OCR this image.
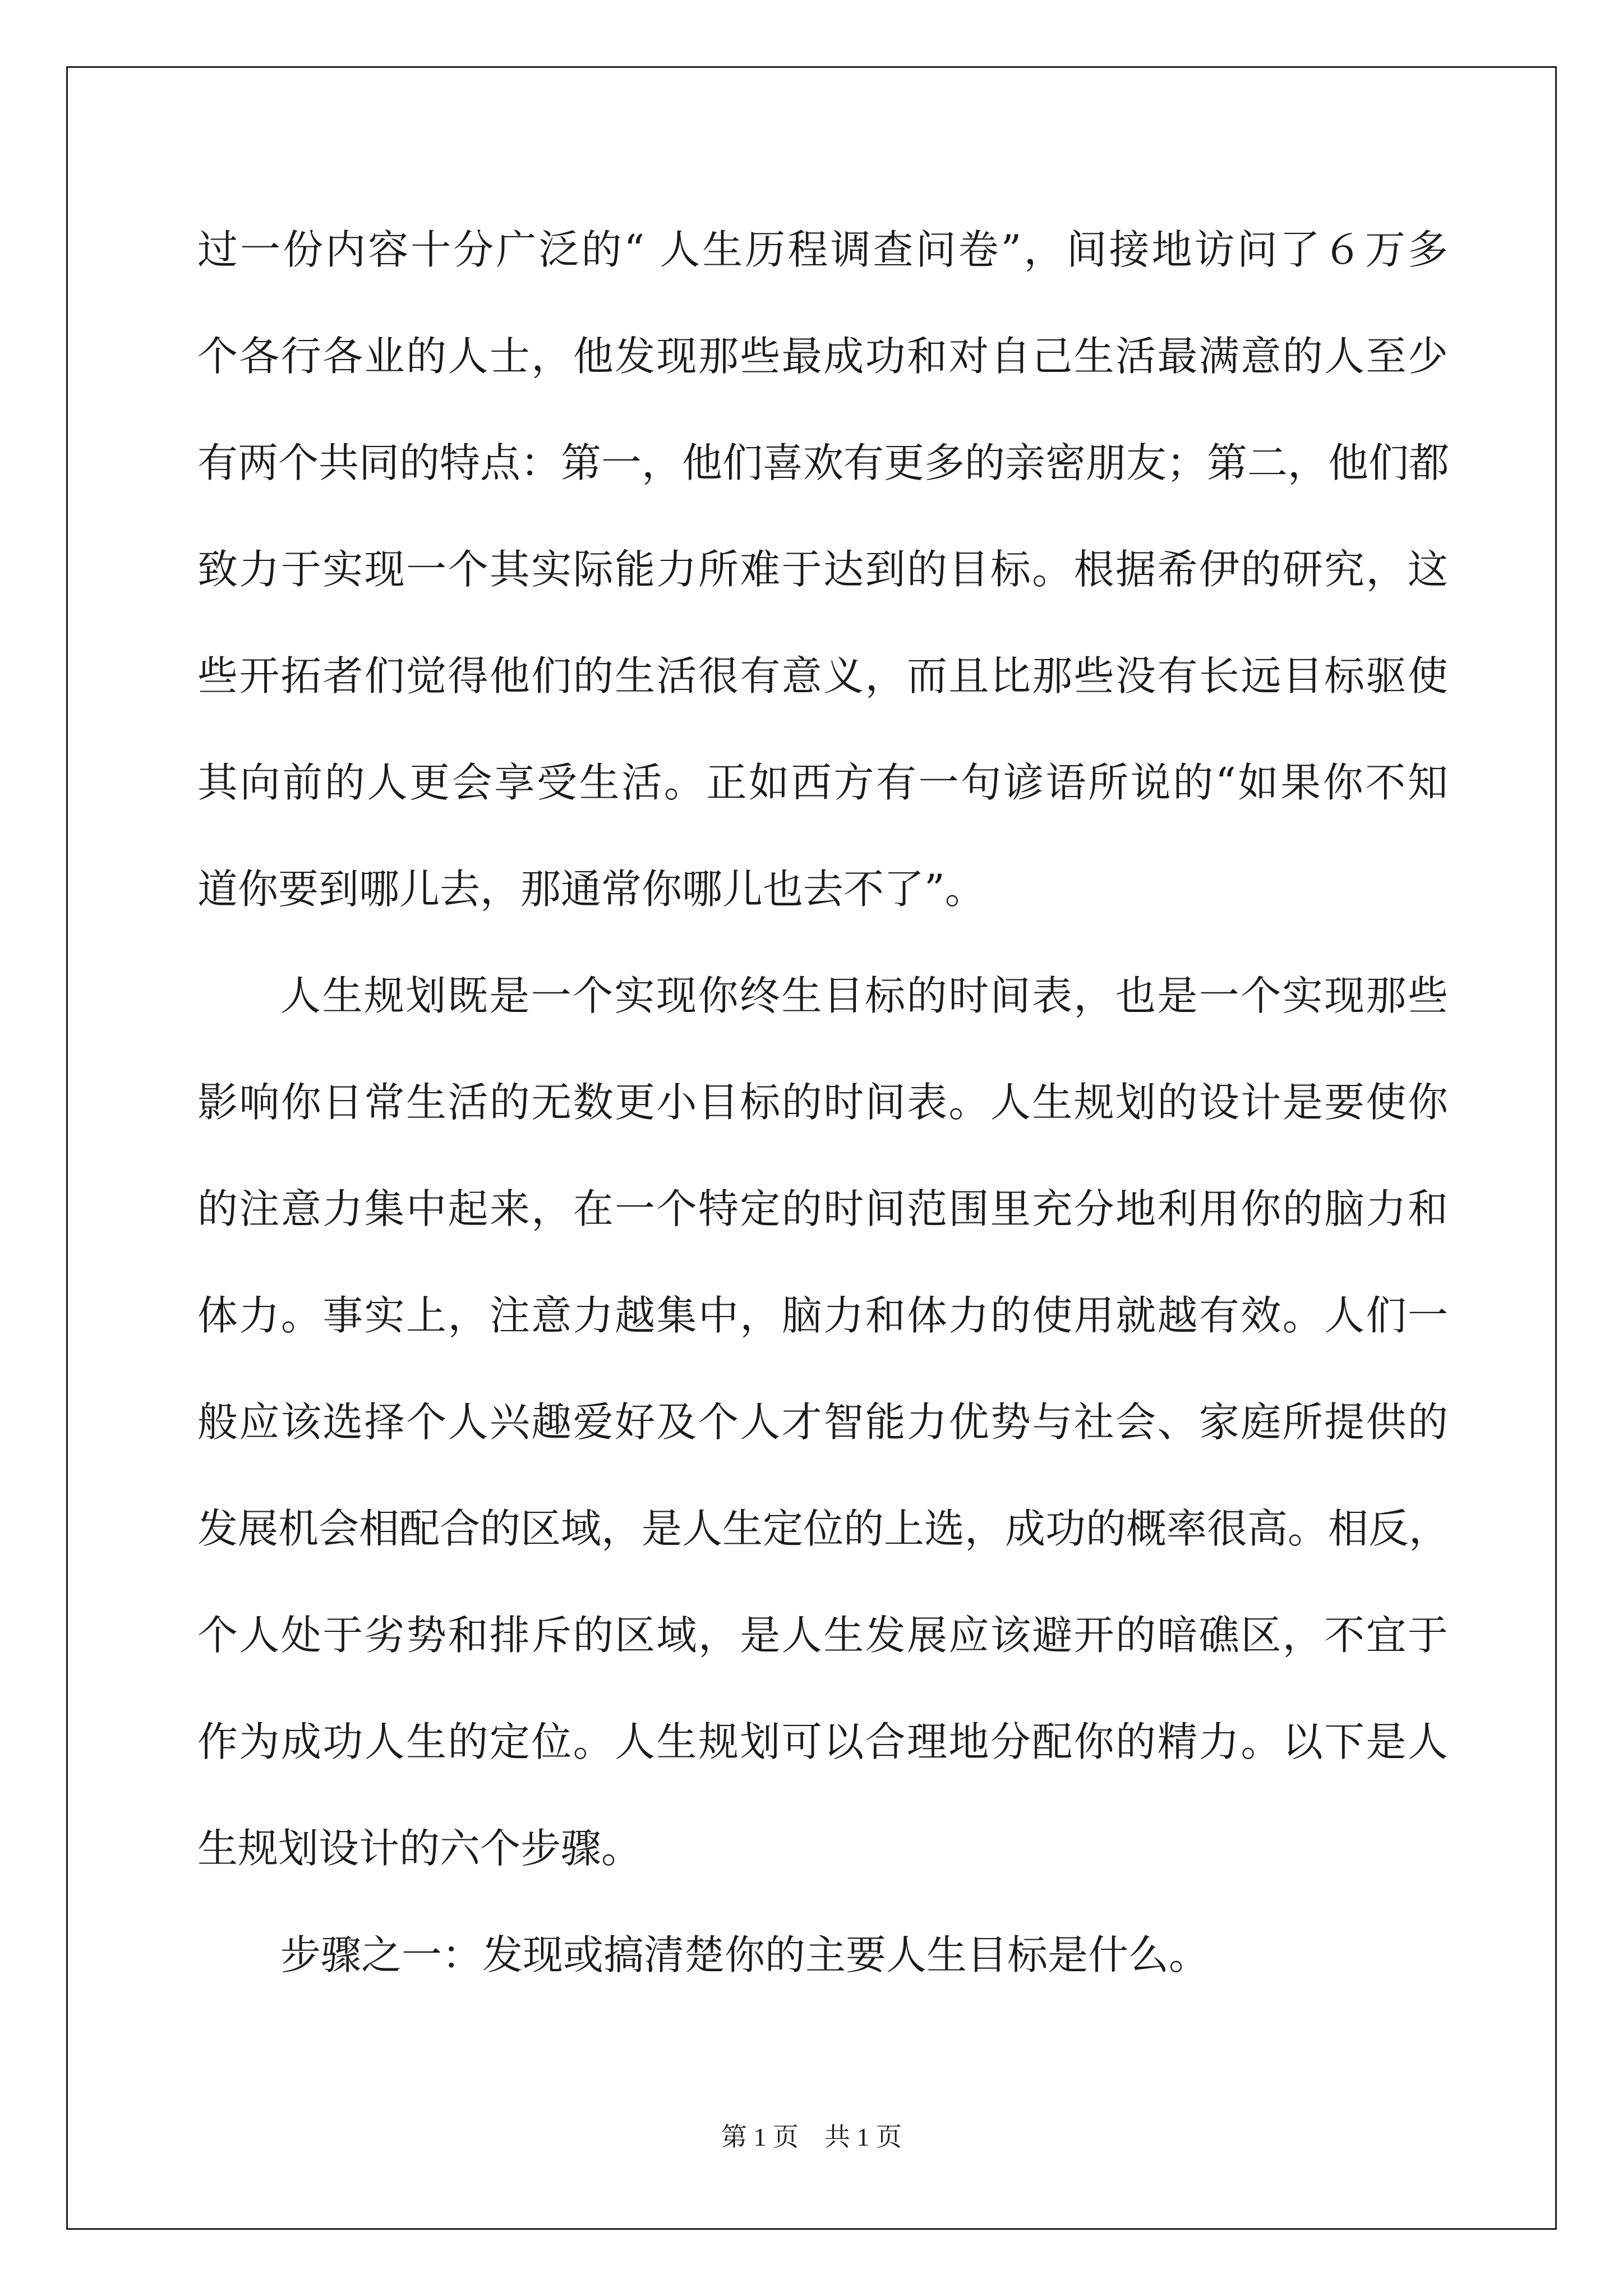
过一份内容十分广泛的“ 人生历程调查问卷”，间接地访问了６万多
个各行各业的人士，他发现那些最成功和对自己生活最满意的人至少
有两个共同的特点：第一，他们喜欢有更多的亲密朋友；第二，他们都
致力于实现一个其实际能力所难于达到的目标。根据希伊的研究，这
些开拓者们觉得他们的生活很有意义，而且比那些没有长远目标驱使
其向前的人更会享受生活。正如西方有一句谚语所说的“如果你不知
道你要到哪儿去，那通常你哪儿也去不了”。
人生规划既是一个实现你终生目标的时间表，也是一个实现那些
影响你日常生活的无数更小目标的时间表。人生规划的设计是要使你
的注意力集中起来，在一个特定的时间范围里充分地利用你的脑力和
体力。事实上，注意力越集中，脑力和体力的使用就越有效。人们一
般应该选择个人兴趣爱好及个人才智能力优势与社会、家庭所提供的
发展机会相配合的区域，是人生定位的上选，成功的概率很高。相反，
个人处于劣势和排斥的区域，是人生发展应该避开的暗礁区，不宜于
作为成功人生的定位。人生规划可以合理地分配你的精力。以下是人
生规划设计的六个步骤。
步骤之一：发现或搞清楚你的主要人生目标是什么。
第 1 页　共 1 页
